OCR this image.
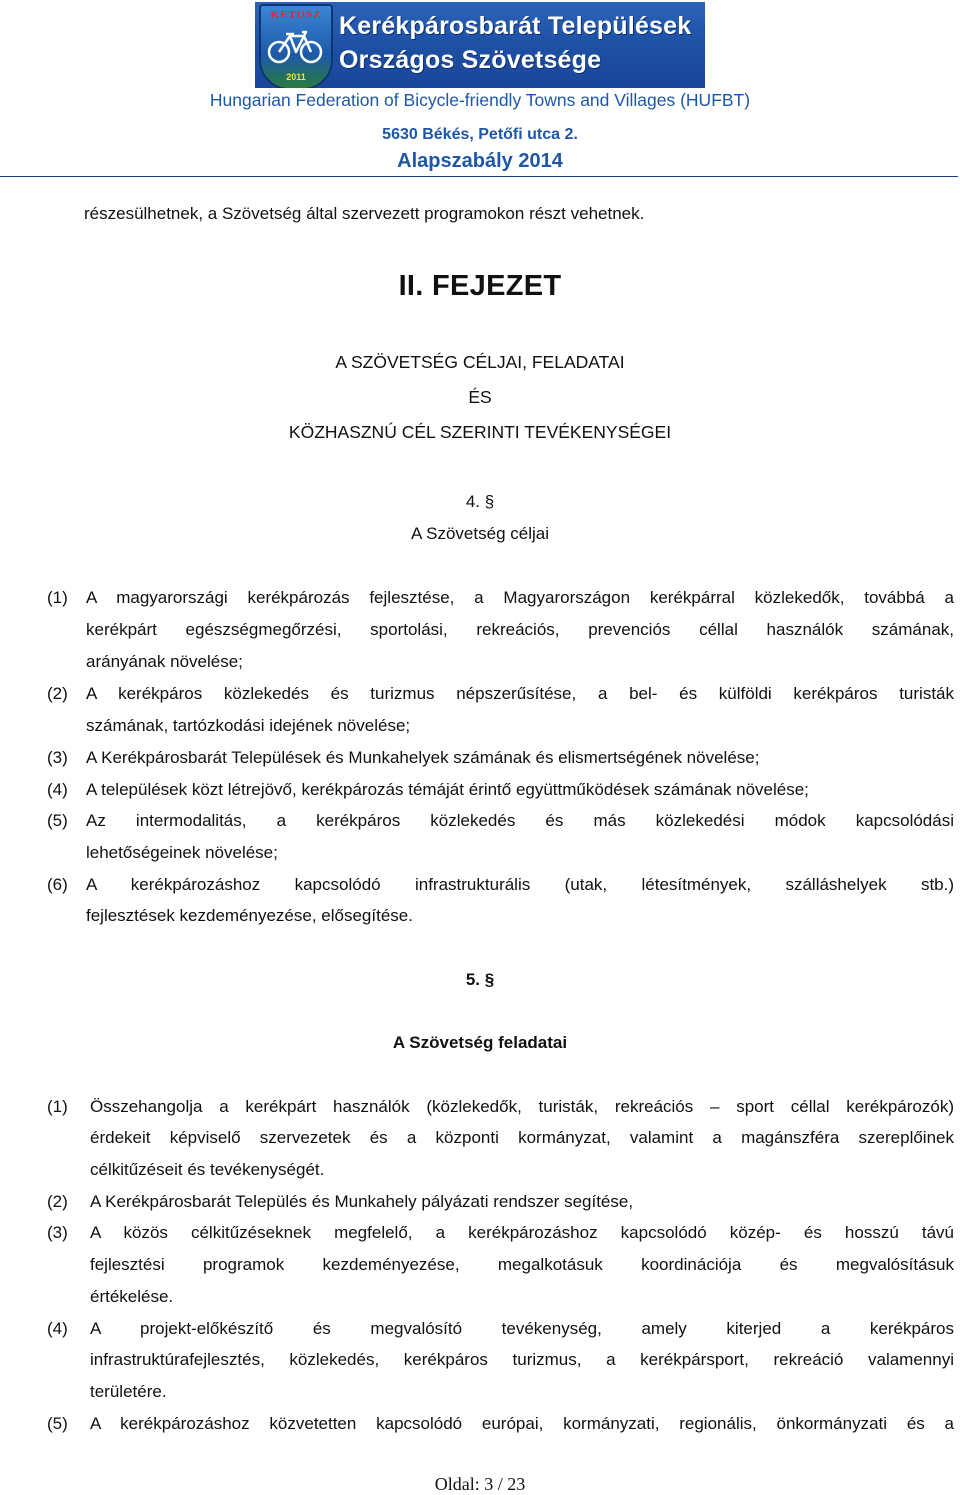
KETOSZ
2011
Kerékpárosbarát Települések
Országos Szövetsége
Hungarian Federation of Bicycle-friendly Towns and Villages (HUFBT)
5630 Békés, Petőfi utca 2.
Alapszabály 2014
részesülhetnek, a Szövetség által szervezett programokon részt vehetnek.
II. FEJEZET
A SZÖVETSÉG CÉLJAI, FELADATAI
ÉS
KÖZHASZNÚ CÉL SZERINTI TEVÉKENYSÉGEI
4. §
A Szövetség céljai
(1) A magyarországi kerékpározás fejlesztése, a Magyarországon kerékpárral közlekedők, továbbá a
kerékpárt egészségmegőrzési, sportolási, rekreációs, prevenciós céllal használók számának,
arányának növelése;
(2) A kerékpáros közlekedés és turizmus népszerűsítése, a bel- és külföldi kerékpáros turisták
számának, tartózkodási idejének növelése;
(3) A Kerékpárosbarát Települések és Munkahelyek számának és elismertségének növelése;
(4) A települések közt létrejövő, kerékpározás témáját érintő együttműködések számának növelése;
(5) Az intermodalitás, a kerékpáros közlekedés és más közlekedési módok kapcsolódási
lehetőségeinek növelése;
(6) A kerékpározáshoz kapcsolódó infrastrukturális (utak, létesítmények, szálláshelyek stb.)
fejlesztések kezdeményezése, elősegítése.
5. §
A Szövetség feladatai
(1) Összehangolja a kerékpárt használók (közlekedők, turisták, rekreációs – sport céllal kerékpározók)
érdekeit képviselő szervezetek és a központi kormányzat, valamint a magánszféra szereplőinek
célkitűzéseit és tevékenységét.
(2) A Kerékpárosbarát Település és Munkahely pályázati rendszer segítése,
(3) A közös célkitűzéseknek megfelelő, a kerékpározáshoz kapcsolódó közép- és hosszú távú
fejlesztési programok kezdeményezése, megalkotásuk koordinációja és megvalósításuk
értékelése.
(4) A projekt-előkészítő és megvalósító tevékenység, amely kiterjed a kerékpáros
infrastruktúrafejlesztés, közlekedés, kerékpáros turizmus, a kerékpársport, rekreáció valamennyi
területére.
(5) A kerékpározáshoz közvetetten kapcsolódó európai, kormányzati, regionális, önkormányzati és a
Oldal: 3 / 23
